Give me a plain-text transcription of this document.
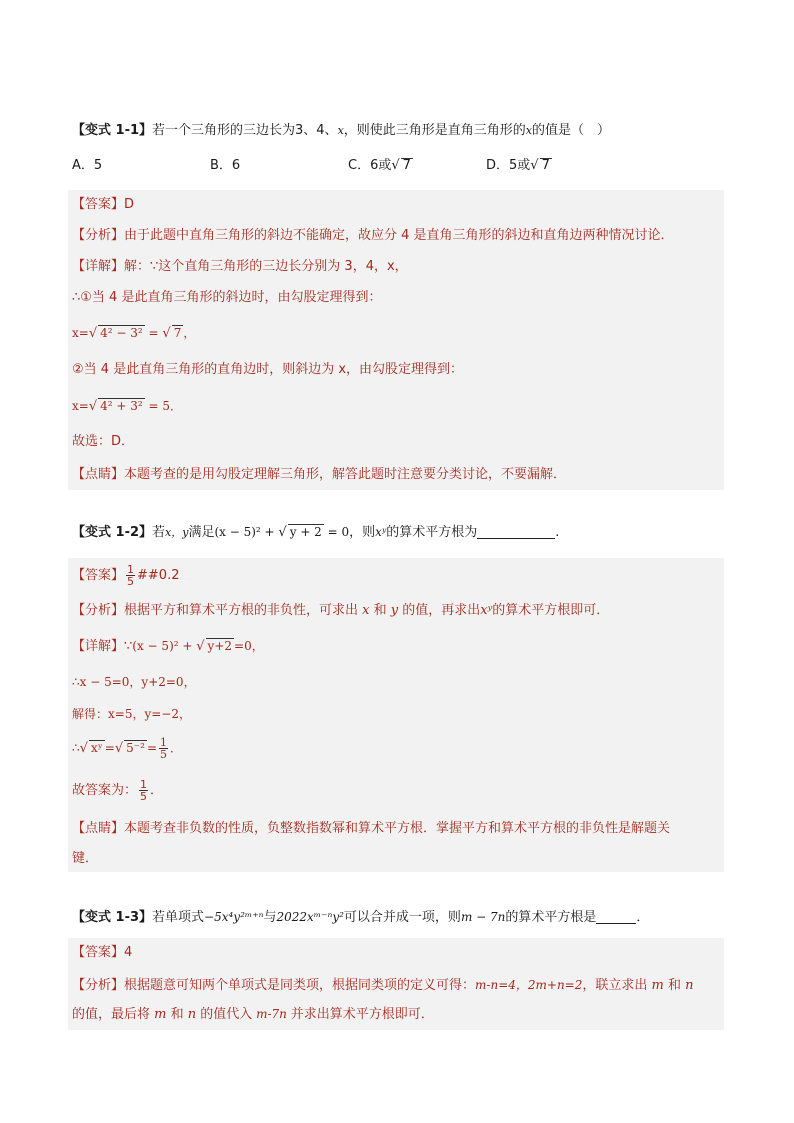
【变式 1-1】若一个三角形的三边长为3、4、x，则使此三角形是直角三角形的x的值是（　）
A．5	B．6	C．6或√ 7	D．5或√ 7
【答案】D
【分析】由于此题中直角三角形的斜边不能确定，故应分 4 是直角三角形的斜边和直角边两种情况讨论．
【详解】解：∵这个直角三角形的三边长分别为 3，4，x，
∴①当 4 是此直角三角形的斜边时，由勾股定理得到：
x=√ 4² − 3² = √ 7 ，
②当 4 是此直角三角形的直角边时，则斜边为 x，由勾股定理得到：
x=√ 4² + 3² = 5．
故选：D．
【点睛】本题考查的是用勾股定理解三角形，解答此题时注意要分类讨论，不要漏解．
【变式 1-2】若x，y满足(x − 5)² + √ y + 2 = 0，则xʸ的算术平方根为	.
【答案】 $\frac{1}{5}$ ##0.2
【分析】根据平方和算术平方根的非负性，可求出 x 和 y 的值，再求出xʸ的算术平方根即可．
【详解】∵(x − 5)² + √ y+2 =0，
∴x − 5=0，y+2=0，
解得：x=5，y=−2，
∴√ xʸ =√ $5^{-2} = \frac{1}{5}$ ．
故答案为： $\frac{1}{5}$ ．
【点睛】本题考查非负数的性质，负整数指数幂和算术平方根．掌握平方和算术平方根的非负性是解题关
键．
【变式 1-3】若单项式−5x⁴y²ᵐ⁺ⁿ与2022xᵐ⁻ⁿy²可以合并成一项，则m − 7n的算术平方根是	．
【答案】4
【分析】根据题意可知两个单项式是同类项，根据同类项的定义可得：m-n=4，2m+n=2，联立求出 m 和 n
的值，最后将 m 和 n 的值代入 m-7n 并求出算术平方根即可．
